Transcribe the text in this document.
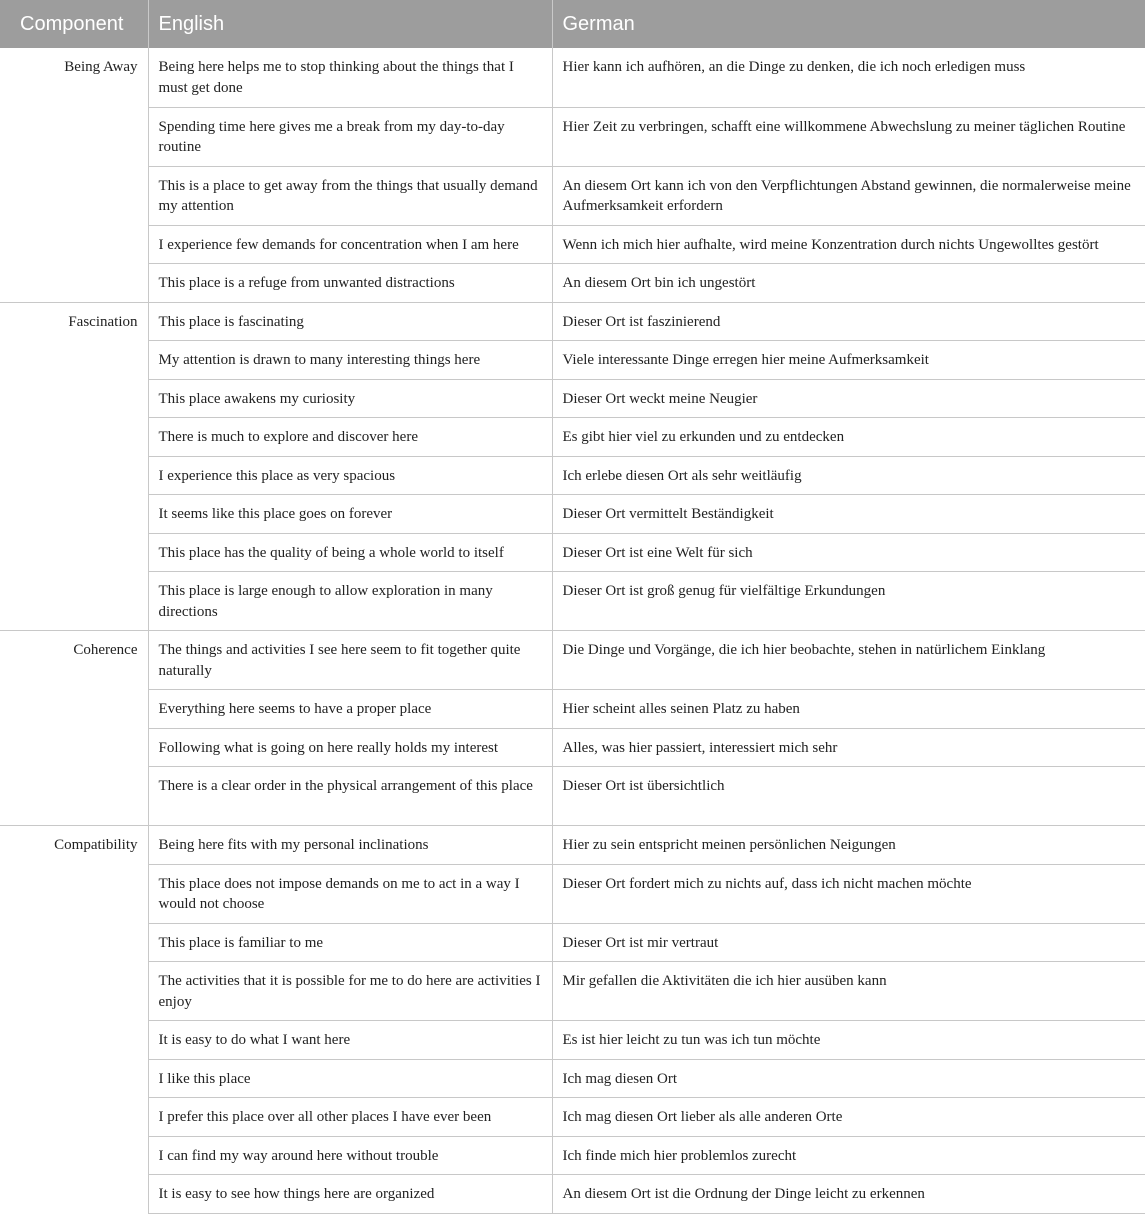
Component	English	German
Being Away	Being here helps me to stop thinking about the things that I must get done	Hier kann ich aufhören, an die Dinge zu denken, die ich noch erledigen muss
	Spending time here gives me a break from my day-to-day routine	Hier Zeit zu verbringen, schafft eine willkommene Abwechslung zu meiner täglichen Routine
	This is a place to get away from the things that usually demand my attention	An diesem Ort kann ich von den Verpflichtungen Abstand gewinnen, die normalerweise meine Aufmerksamkeit erfordern
	I experience few demands for concentration when I am here	Wenn ich mich hier aufhalte, wird meine Konzentration durch nichts Ungewolltes gestört
	This place is a refuge from unwanted distractions	An diesem Ort bin ich ungestört
Fascination	This place is fascinating	Dieser Ort ist faszinierend
	My attention is drawn to many interesting things here	Viele interessante Dinge erregen hier meine Aufmerksamkeit
	This place awakens my curiosity	Dieser Ort weckt meine Neugier
	There is much to explore and discover here	Es gibt hier viel zu erkunden und zu entdecken
	I experience this place as very spacious	Ich erlebe diesen Ort als sehr weitläufig
	It seems like this place goes on forever	Dieser Ort vermittelt Beständigkeit
	This place has the quality of being a whole world to itself	Dieser Ort ist eine Welt für sich
	This place is large enough to allow exploration in many directions	Dieser Ort ist groß genug für vielfältige Erkundungen
Coherence	The things and activities I see here seem to fit together quite naturally	Die Dinge und Vorgänge, die ich hier beobachte, stehen in natürlichem Einklang
	Everything here seems to have a proper place	Hier scheint alles seinen Platz zu haben
	Following what is going on here really holds my interest	Alles, was hier passiert, interessiert mich sehr
	There is a clear order in the physical arrangement of this place	Dieser Ort ist übersichtlich
Compatibility	Being here fits with my personal inclinations	Hier zu sein entspricht meinen persönlichen Neigungen
	This place does not impose demands on me to act in a way I would not choose	Dieser Ort fordert mich zu nichts auf, dass ich nicht machen möchte
	This place is familiar to me	Dieser Ort ist mir vertraut
	The activities that it is possible for me to do here are activities I enjoy	Mir gefallen die Aktivitäten die ich hier ausüben kann
	It is easy to do what I want here	Es ist hier leicht zu tun was ich tun möchte
	I like this place	Ich mag diesen Ort
	I prefer this place over all other places I have ever been	Ich mag diesen Ort lieber als alle anderen Orte
	I can find my way around here without trouble	Ich finde mich hier problemlos zurecht
	It is easy to see how things here are organized	An diesem Ort ist die Ordnung der Dinge leicht zu erkennen
